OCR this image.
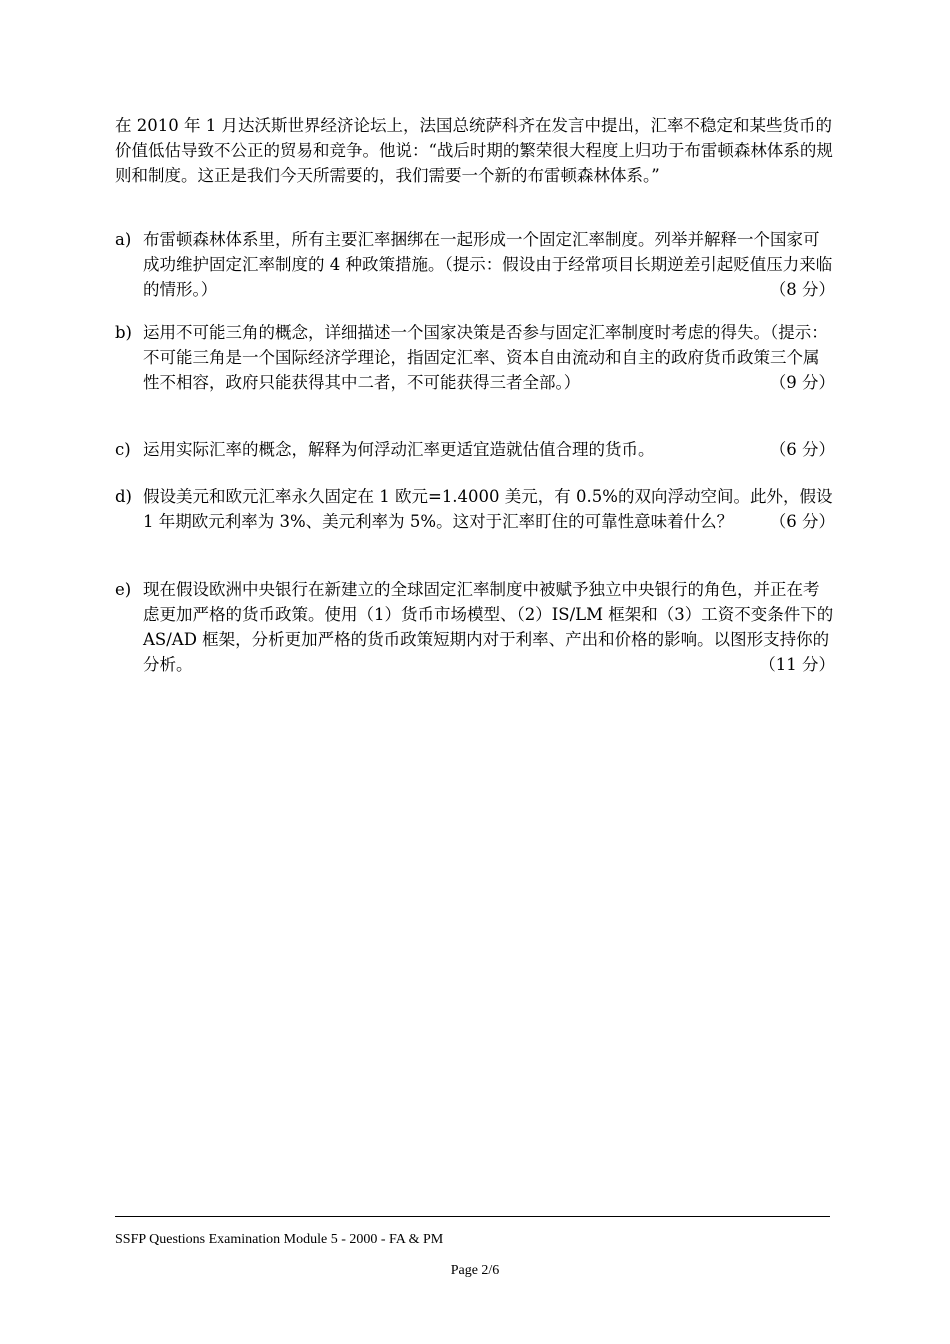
在 2010 年 1 月达沃斯世界经济论坛上，法国总统萨科齐在发言中提出，汇率不稳定和某些货币的价值低估导致不公正的贸易和竞争。他说：“战后时期的繁荣很大程度上归功于布雷顿森林体系的规则和制度。这正是我们今天所需要的，我们需要一个新的布雷顿森林体系。”

a) 布雷顿森林体系里，所有主要汇率捆绑在一起形成一个固定汇率制度。列举并解释一个国家可成功维护固定汇率制度的 4 种政策措施。（提示：假设由于经常项目长期逆差引起贬值压力来临的情形。）	（8 分）
b) 运用不可能三角的概念，详细描述一个国家决策是否参与固定汇率制度时考虑的得失。（提示：不可能三角是一个国际经济学理论，指固定汇率、资本自由流动和自主的政府货币政策三个属性不相容，政府只能获得其中二者，不可能获得三者全部。）	（9 分）
c) 运用实际汇率的概念，解释为何浮动汇率更适宜造就估值合理的货币。	（6 分）
d) 假设美元和欧元汇率永久固定在 1 欧元=1.4000 美元，有 0.5%的双向浮动空间。此外，假设 1 年期欧元利率为 3%、美元利率为 5%。这对于汇率盯住的可靠性意味着什么？	（6 分）
e) 现在假设欧洲中央银行在新建立的全球固定汇率制度中被赋予独立中央银行的角色，并正在考虑更加严格的货币政策。使用（1）货币市场模型、（2）IS/LM 框架和（3）工资不变条件下的 AS/AD 框架，分析更加严格的货币政策短期内对于利率、产出和价格的影响。以图形支持你的分析。	（11 分）
SSFP Questions Examination Module 5 - 2000 - FA & PM
Page 2/6
